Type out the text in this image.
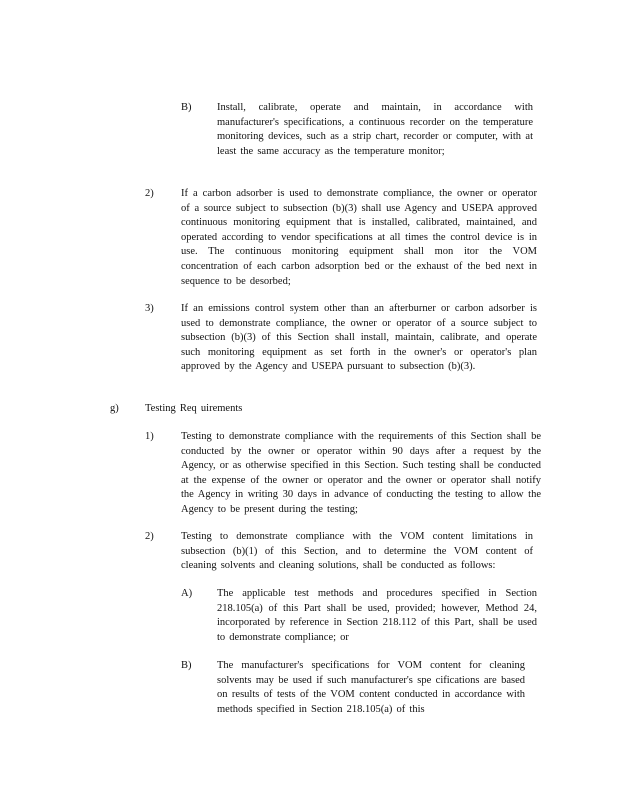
B) Install, calibrate, operate and maintain, in accordance with manufacturer's specifications, a continuous recorder on the temperature monitoring devices, such as a strip chart, recorder or computer, with at least the same accuracy as the temperature monitor;
2)	If a carbon adsorber is used to demonstrate compliance, the owner or operator of a source subject to subsection (b)(3) shall use Agency and USEPA approved continuous monitoring equipment that is installed, calibrated, maintained, and operated according to vendor specifications at all times the control device is in use. The continuous monitoring equipment shall mon itor the VOM concentration of each carbon adsorption bed or the exhaust of the bed next in sequence to be desorbed;
3)	If an emissions control system other than an afterburner or carbon adsorber is used to demonstrate compliance, the owner or operator of a source subject to subsection (b)(3) of this Section shall install, maintain, calibrate, and operate such monitoring equipment as set forth in the owner's or operator's plan approved by the Agency and USEPA pursuant to subsection (b)(3).
g)	Testing Req uirements
1)	Testing to demonstrate compliance with the requirements of this Section shall be conducted by the owner or operator within 90 days after a request by the Agency, or as otherwise specified in this Section. Such testing shall be conducted at the expense of the owner or operator and the owner or operator shall notify the Agency in writing 30 days in advance of conducting the testing to allow the Agency to be present during the testing;
2)	Testing to demonstrate compliance with the VOM content limitations in subsection (b)(1) of this Section, and to determine the VOM content of cleaning solvents and cleaning solutions, shall be conducted as follows:
A) The applicable test methods and procedures specified in Section 218.105(a) of this Part shall be used, provided; however, Method 24, incorporated by reference in Section 218.112 of this Part, shall be used to demonstrate compliance; or
B) The manufacturer's specifications for VOM content for cleaning solvents may be used if such manufacturer's spe cifications are based on results of tests of the VOM content conducted in accordance with methods specified in Section 218.105(a) of this
